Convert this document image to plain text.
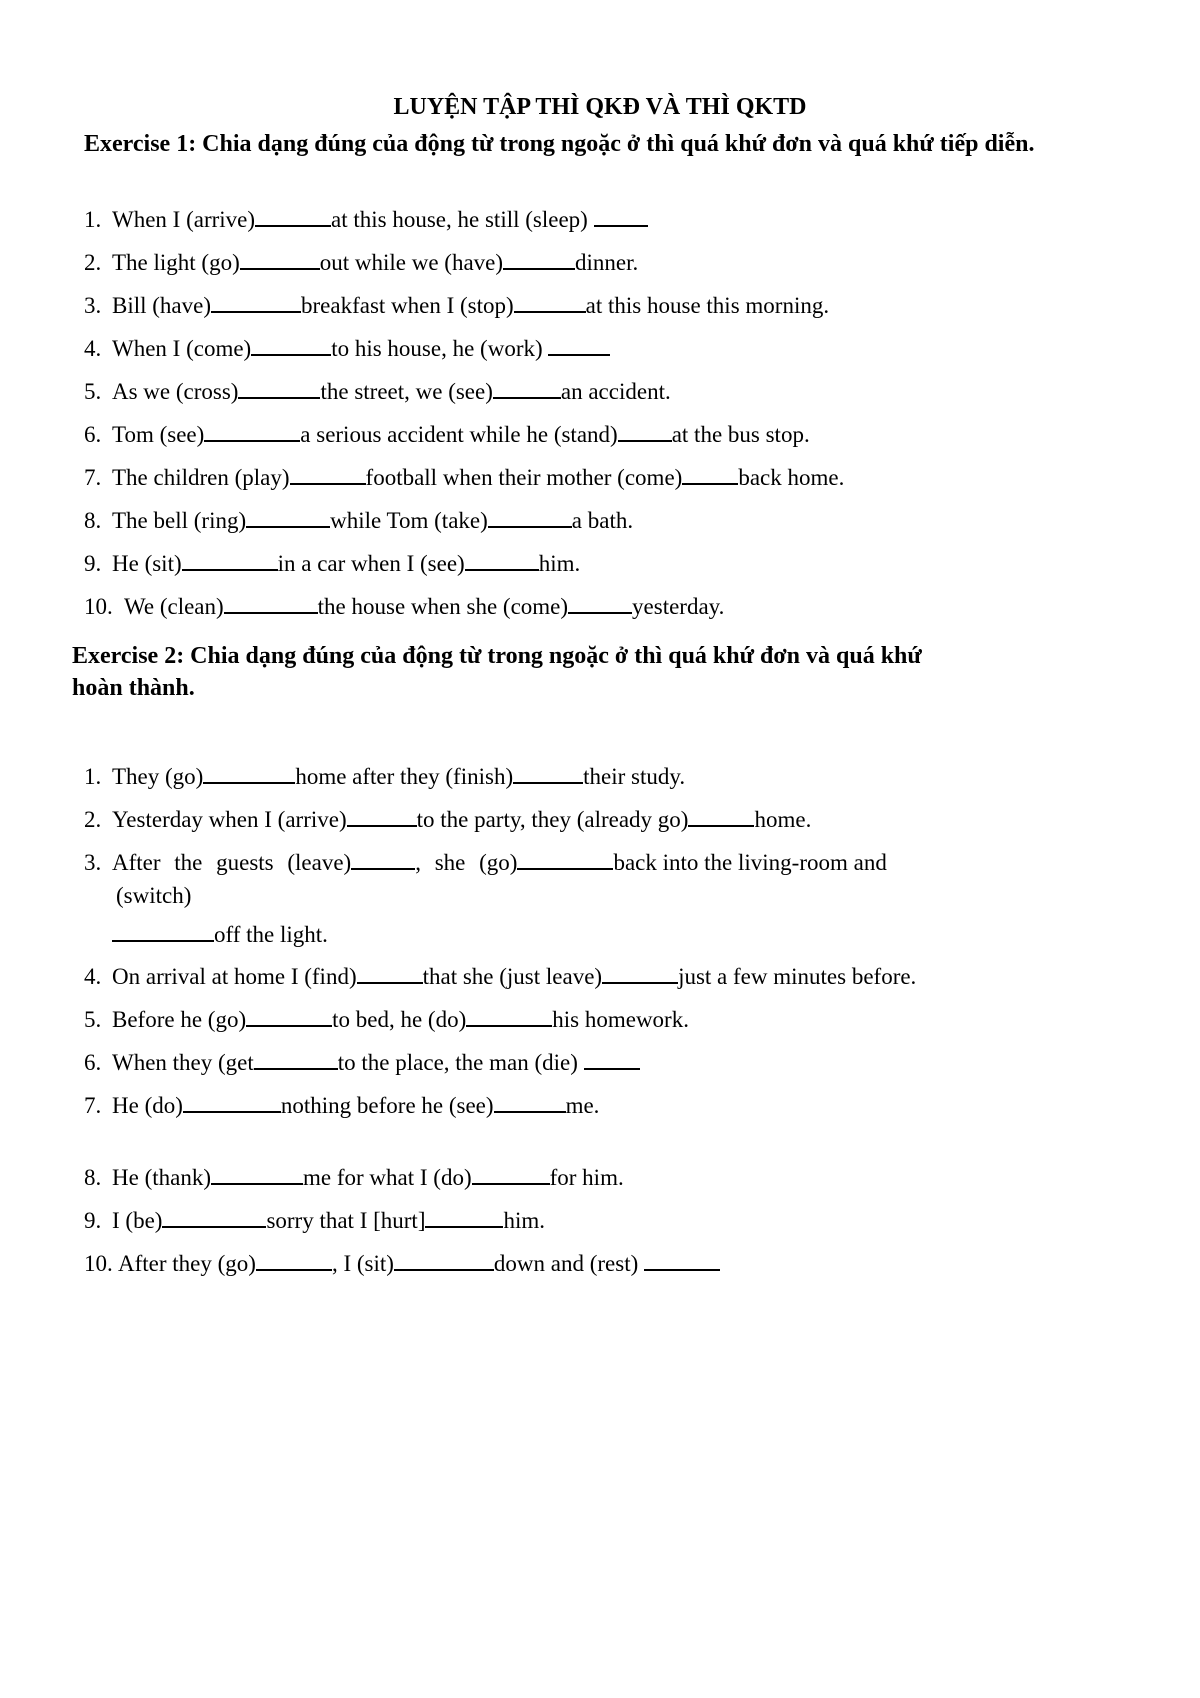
LUYỆN TẬP THÌ QKĐ VÀ THÌ QKTD
Exercise 1: Chia dạng đúng của động từ trong ngoặc ở thì quá khứ đơn và quá khứ tiếp diễn.
1. When I (arrive)	at this house, he still (sleep)
2. The light (go)	out while we (have)	dinner.
3. Bill (have)	breakfast when I (stop)	at this house this morning.
4. When I (come)	to his house, he (work)
5. As we (cross)	the street, we (see)	an accident.
6. Tom (see)	a serious accident while he (stand) at the bus stop.
7. The children (play)	football when their mother (come) back home.
8. The bell (ring)	while Tom (take)	a bath.
9. He (sit)	in a car when I (see)	him.
10. We (clean)	the house when she (come)	yesterday.
Exercise 2: Chia dạng đúng của động từ trong ngoặc ở thì quá khứ đơn và quá khứ
hoàn thành.
1. They (go)	home after they (finish)	their study.
2. Yesterday when I (arrive)	to the party, they (already go)	home.
3. After the guests (leave)	, she (go)	back into the living-room and
(switch)
off the light.
4. On arrival at home I (find)	that she (just leave)	just a few minutes before.
5. Before he (go)	to bed, he (do)	his homework.
6. When they (get	to the place, the man (die)
7. He (do)	nothing before he (see)	me.
8. He (thank)	me for what I (do)	for him.
9. I (be)	sorry that I [hurt]	him.
10. After they (go)	, I (sit)	down and (rest)
